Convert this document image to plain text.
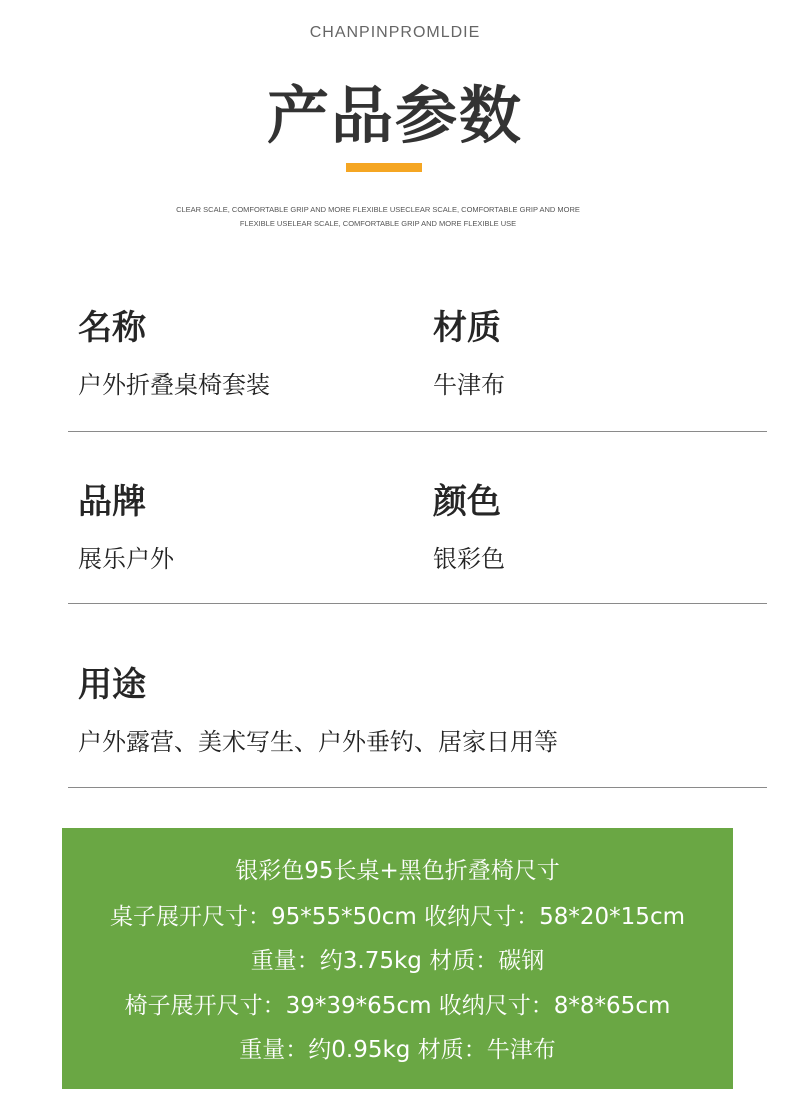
CHANPINPROMLDIE
产品参数
CLEAR SCALE, COMFORTABLE GRIP AND MORE FLEXIBLE USECLEAR SCALE, COMFORTABLE GRIP AND MORE
FLEXIBLE USELEAR SCALE, COMFORTABLE GRIP AND MORE FLEXIBLE USE
名称
户外折叠桌椅套装
材质
牛津布
品牌
展乐户外
颜色
银彩色
用途
户外露营、美术写生、户外垂钓、居家日用等
银彩色95长桌+黑色折叠椅尺寸
桌子展开尺寸：95*55*50cm 收纳尺寸：58*20*15cm
重量：约3.75kg 材质：碳钢
椅子展开尺寸：39*39*65cm 收纳尺寸：8*8*65cm
重量：约0.95kg 材质：牛津布
